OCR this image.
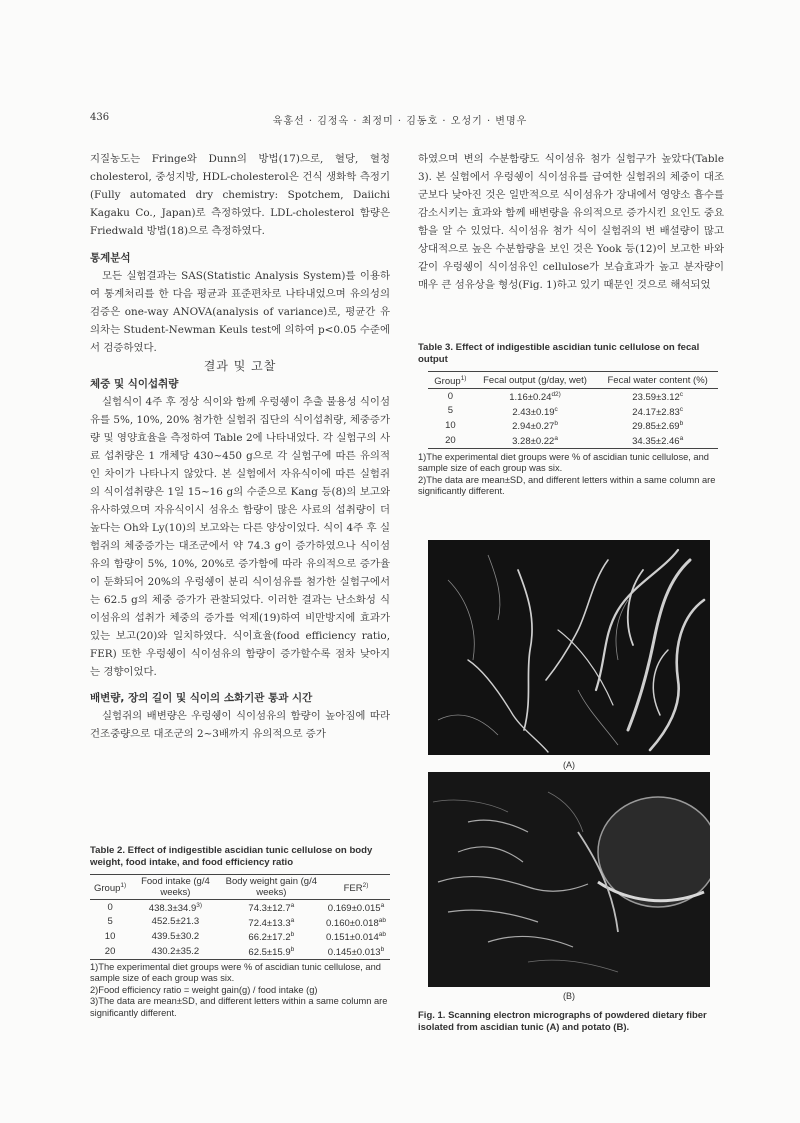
436	육홍선 · 김정옥 · 최정미 · 김동호 · 오성기 · 변명우

지질농도는 Fringe와 Dunn의 방법(17)으로, 혈당, 혈청 cholesterol, 중성지방, HDL-cholesterol은 건식 생화학 측정기(Fully automated dry chemistry: Spotchem, Daiichi Kagaku Co., Japan)로 측정하였다. LDL-cholesterol 함량은 Friedwald 방법(18)으로 측정하였다.

통계분석

모든 실험결과는 SAS(Statistic Analysis System)를 이용하여 통계처리를 한 다음 평균과 표준편차로 나타내었으며 유의성의 검증은 one-way ANOVA(analysis of variance)로, 평균간 유의차는 Student-Newman Keuls test에 의하여 p<0.05 수준에서 검증하였다.

결과 및 고찰

체중 및 식이섭취량

실험식이 4주 후 정상 식이와 함께 우렁쉥이 추출 불용성 식이섬유를 5%, 10%, 20% 첨가한 실험쥐 집단의 식이섭취량, 체중증가량 및 영양효율을 측정하여 Table 2에 나타내었다. 각 실험구의 사료 섭취량은 1 개체당 430~450 g으로 각 실험구에 따른 유의적인 차이가 나타나지 않았다. 본 실험에서 자유식이에 따른 실험쥐의 식이섭취량은 1일 15~16 g의 수준으로 Kang 등(8)의 보고와 유사하였으며 자유식이시 섬유소 함량이 많은 사료의 섭취량이 더 높다는 Oh와 Ly(10)의 보고와는 다른 양상이었다. 식이 4주 후 실험쥐의 체중증가는 대조군에서 약 74.3 g이 증가하였으나 식이섬유의 함량이 5%, 10%, 20%로 증가함에 따라 유의적으로 증가율이 둔화되어 20%의 우렁쉥이 분리 식이섬유를 첨가한 실험구에서는 62.5 g의 체중 증가가 관찰되었다. 이러한 결과는 난소화성 식이섬유의 섭취가 체중의 증가를 억제(19)하여 비만방지에 효과가 있는 보고(20)와 일치하였다. 식이효율(food efficiency ratio, FER) 또한 우렁쉥이 식이섬유의 함량이 증가할수록 점차 낮아지는 경향이었다.

배변량, 장의 길이 및 식이의 소화기관 통과 시간

실험쥐의 배변량은 우렁쉥이 식이섬유의 함량이 높아짐에 따라 건조중량으로 대조군의 2~3배까지 유의적으로 증가

Table 2. Effect of indigestible ascidian tunic cellulose on body weight, food intake, and food efficiency ratio
Group$^{1)}$	Food intake (g/4 weeks)	Body weight gain (g/4 weeks)	FER$^{2)}$
0	$438.3\pm 34.9^{3)}$	74.3±12.7$^a$	0.169±0.015$^a$
5	452.5±21.3	72.4±13.3$^a$	0.160±0.018$^{ab}$
10	439.5±30.2	66.2±17.2$^b$	0.151±0.014$^{ab}$
20	430.2±35.2	62.5±15.9$^b$	0.145±0.013$^b$

1)The experimental diet groups were % of ascidian tunic cellulose, and sample size of each group was six.

2)Food efficiency ratio = weight gain(g) / food intake (g)

3)The data are mean±SD, and different letters within a same column are significantly different.

하였으며 변의 수분함량도 식이섬유 첨가 실험구가 높았다(Table 3). 본 실험에서 우렁쉥이 식이섬유를 급여한 실험쥐의 체중이 대조군보다 낮아진 것은 일반적으로 식이섬유가 장내에서 영양소 흡수를 감소시키는 효과와 함께 배변량을 유의적으로 증가시킨 요인도 중요함을 알 수 있었다. 식이섬유 첨가 식이 실험쥐의 변 배설량이 많고 상대적으로 높은 수분함량을 보인 것은 Yook 등(12)이 보고한 바와 같이 우렁쉥이 식이섬유인 cellulose가 보습효과가 높고 분자량이 매우 큰 섬유상을 형성(Fig. 1)하고 있기 때문인 것으로 해석되었

Table 3. Effect of indigestible ascidian tunic cellulose on fecal output
Group$^{1)}$	Fecal output (g/day, wet)	Fecal water content (%)
0	$1.16\pm 0.24^{d2)}$	23.59±3.12$^c$
5	2.43±0.19$^c$	24.17±2.83$^c$
10	2.94±0.27$^b$	29.85±2.69$^b$
20	3.28±0.22$^a$	34.35±2.46$^a$

1)The experimental diet groups were % of ascidian tunic cellulose, and sample size of each group was six.

2)The data are mean±SD, and different letters within a same column are significantly different.

(A)
(B)
Fig. 1. Scanning electron micrographs of powdered dietary fiber isolated from ascidian tunic (A) and potato (B).
